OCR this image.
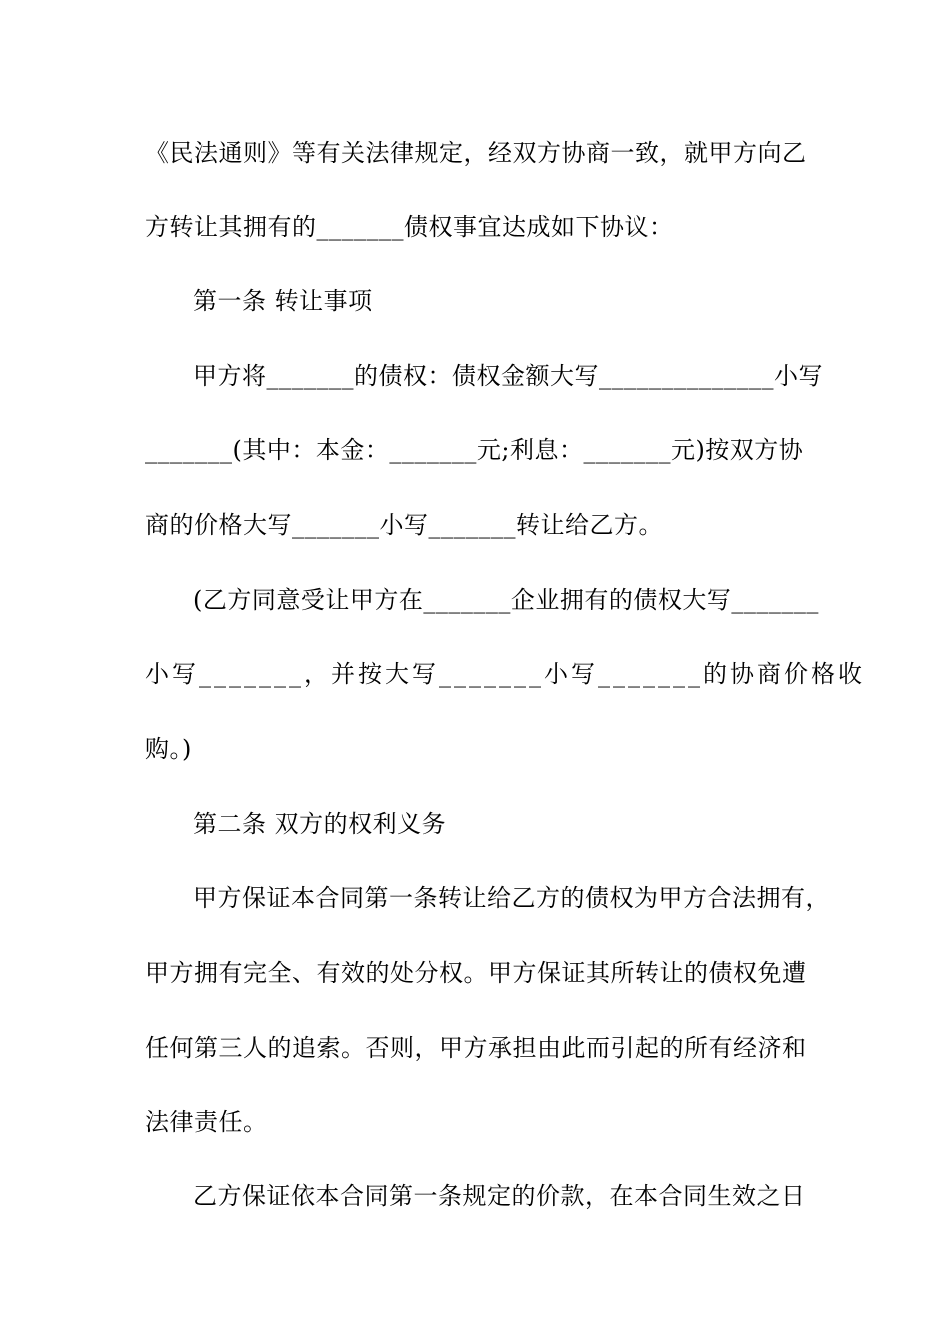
《民法通则》等有关法律规定，经双方协商一致，就甲方向乙
方转让其拥有的_______债权事宜达成如下协议：
第一条 转让事项
甲方将_______的债权：债权金额大写______________小写
_______(其中：本金：_______元;利息：_______元)按双方协
商的价格大写_______小写_______转让给乙方。
(乙方同意受让甲方在_______企业拥有的债权大写_______
小写_______，并按大写_______小写_______的协商价格收
购。)
第二条 双方的权利义务
甲方保证本合同第一条转让给乙方的债权为甲方合法拥有，
甲方拥有完全、有效的处分权。甲方保证其所转让的债权免遭
任何第三人的追索。否则，甲方承担由此而引起的所有经济和
法律责任。
乙方保证依本合同第一条规定的价款，在本合同生效之日
